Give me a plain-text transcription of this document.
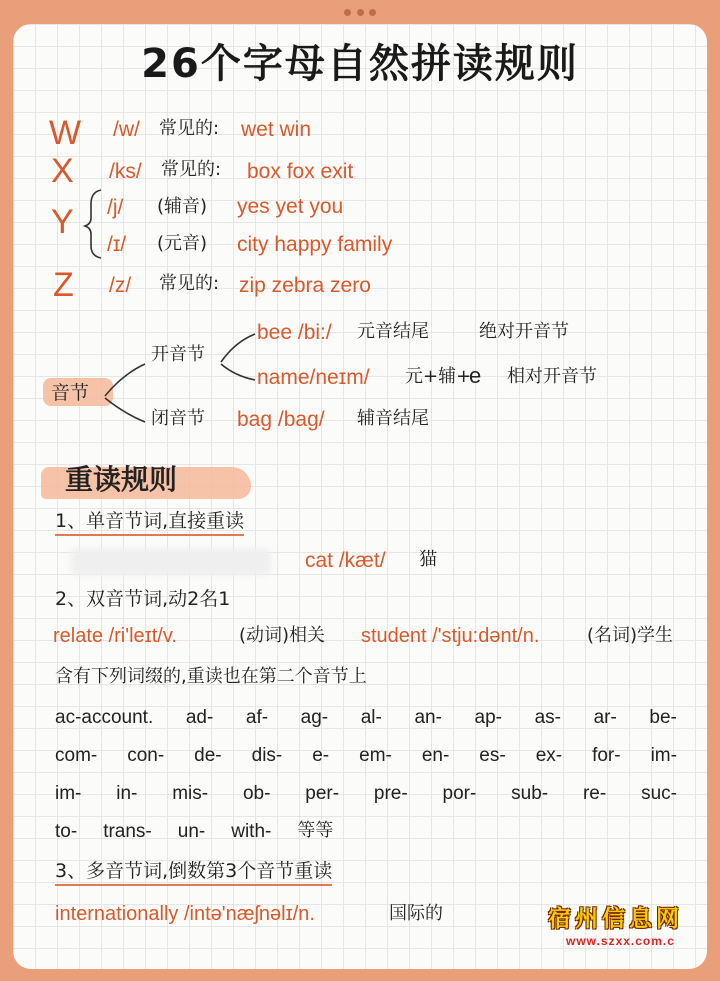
26个字母自然拼读规则
W /w/ 常见的: wet win
X /ks/ 常见的: box fox exit
Y /j/ (辅音) yes yet you
/ɪ/ (元音) city happy family
Z /z/ 常见的: zip zebra zero
音节
开音节
闭音节
bee /bi:/ 元音结尾	绝对开音节
name/neɪm/ 元+辅+
e 相对开音节
bag /bag/ 辅音结尾
重读规则
1、单音节词,直接重读
cat /kæt/ 猫
2、双音节词,动2名1
relate /ri'leɪt/v.	(动词)相关 student /'stju:dənt/n.	(名词)学生
含有下列词缀的,重读也在第二个音节上
ac-account. ad- af- ag- al- an- ap- as- ar- be-
com- con- de- dis- e- em- en- es- ex- for- im-
im- in- mis- ob- per- pre- por- sub- re- suc-
to- trans- un- with- 等等
3、多音节词,倒数第3个音节重读
internationally /intə'næʃnəlɪ/n.	国际的	宿州信息网
www.szxx.com.c
